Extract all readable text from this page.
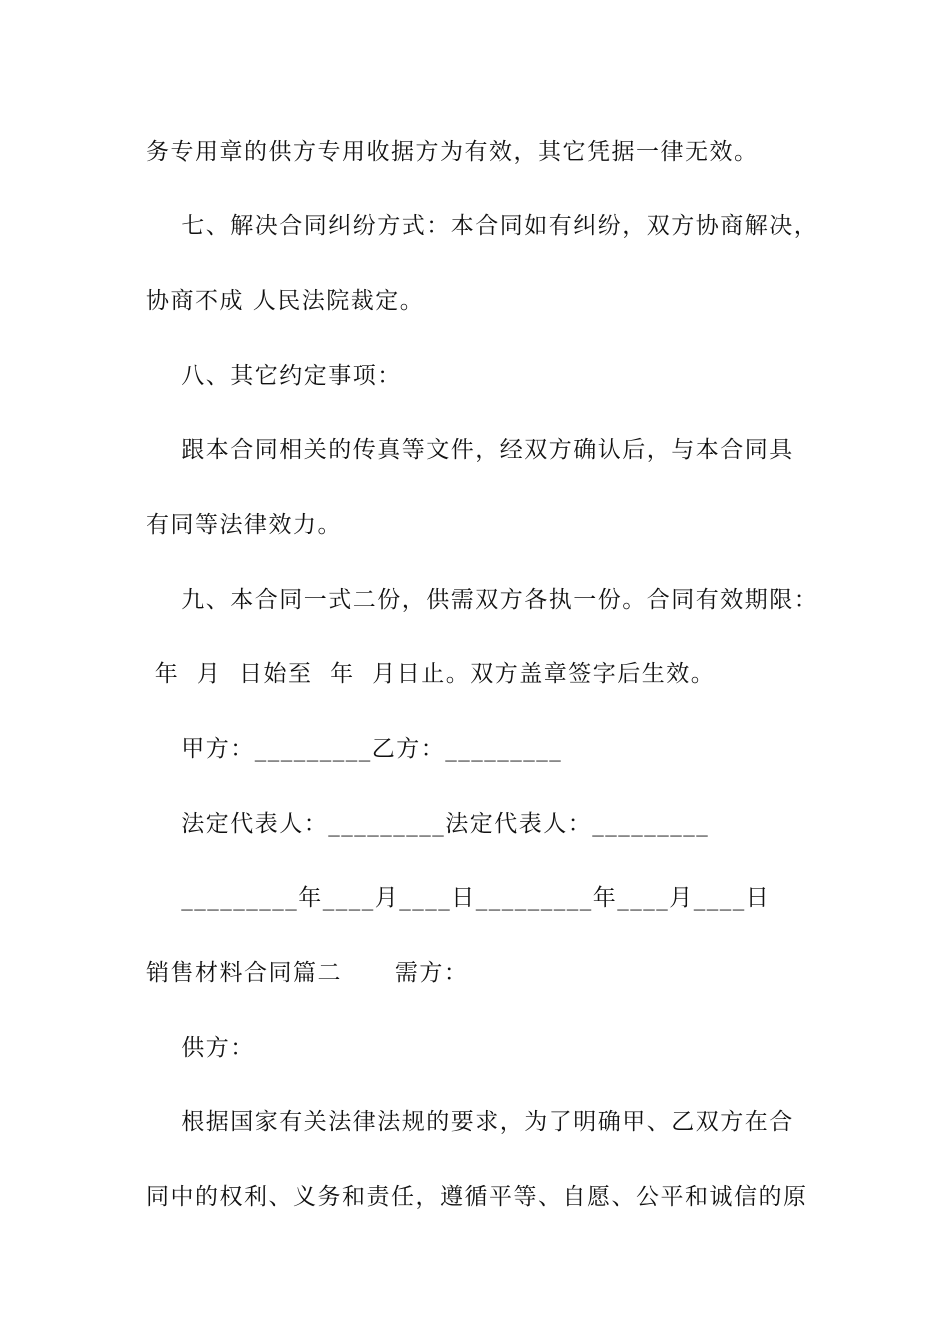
务专用章的供方专用收据方为有效，其它凭据一律无效。
七、解决合同纠纷方式：本合同如有纠纷，双方协商解决，
协商不成 人民法院裁定。
八、其它约定事项：
跟本合同相关的传真等文件，经双方确认后，与本合同具
有同等法律效力。
九、本合同一式二份，供需双方各执一份。合同有效期限：
年  月  日始至  年  月日止。双方盖章签字后生效。
甲方：_________乙方：_________
法定代表人：_________法定代表人：_________
_________年____月____日_________年____月____日
销售材料合同篇二      需方：
供方：
根据国家有关法律法规的要求，为了明确甲、乙双方在合
同中的权利、义务和责任，遵循平等、自愿、公平和诚信的原
